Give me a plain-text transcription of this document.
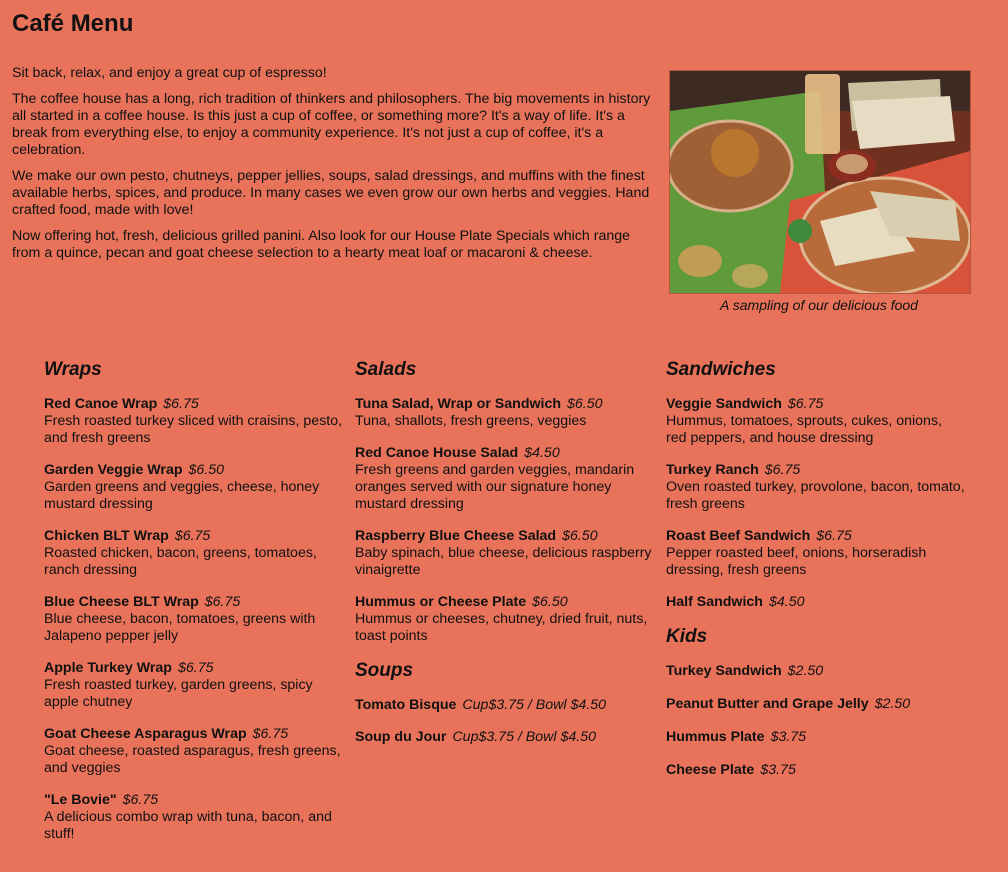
Café Menu

Sit back, relax, and enjoy a great cup of espresso!

The coffee house has a long, rich tradition of thinkers and philosophers. The big movements in history all started in a coffee house. Is this just a cup of coffee, or something more? It's a way of life. It's a break from everything else, to enjoy a community experience. It's not just a cup of coffee, it's a celebration.

We make our own pesto, chutneys, pepper jellies, soups, salad dressings, and muffins with the finest available herbs, spices, and produce. In many cases we even grow our own herbs and veggies. Hand crafted food, made with love!

Now offering hot, fresh, delicious grilled panini. Also look for our House Plate Specials which range from a quince, pecan and goat cheese selection to a hearty meat loaf or macaroni & cheese.

A sampling of our delicious food
Wraps
Red Canoe Wrap $6.75
Fresh roasted turkey sliced with craisins, pesto, and fresh greens
Garden Veggie Wrap $6.50
Garden greens and veggies, cheese, honey mustard dressing
Chicken BLT Wrap $6.75
Roasted chicken, bacon, greens, tomatoes, ranch dressing
Blue Cheese BLT Wrap $6.75
Blue cheese, bacon, tomatoes, greens with Jalapeno pepper jelly
Apple Turkey Wrap $6.75
Fresh roasted turkey, garden greens, spicy apple chutney
Goat Cheese Asparagus Wrap $6.75
Goat cheese, roasted asparagus, fresh greens, and veggies
"Le Bovie" $6.75
A delicious combo wrap with tuna, bacon, and stuff!
Salads
Tuna Salad, Wrap or Sandwich $6.50
Tuna, shallots, fresh greens, veggies
Red Canoe House Salad $4.50
Fresh greens and garden veggies, mandarin oranges served with our signature honey mustard dressing
Raspberry Blue Cheese Salad $6.50
Baby spinach, blue cheese, delicious raspberry vinaigrette
Hummus or Cheese Plate $6.50
Hummus or cheeses, chutney, dried fruit, nuts, toast points
Soups
Tomato Bisque Cup$3.75 / Bowl $4.50
Soup du Jour Cup$3.75 / Bowl $4.50
Sandwiches
Veggie Sandwich $6.75
Hummus, tomatoes, sprouts, cukes, onions, red peppers, and house dressing
Turkey Ranch $6.75
Oven roasted turkey, provolone, bacon, tomato, fresh greens
Roast Beef Sandwich $6.75
Pepper roasted beef, onions, horseradish dressing, fresh greens
Half Sandwich $4.50
Kids
Turkey Sandwich $2.50
Peanut Butter and Grape Jelly $2.50
Hummus Plate $3.75
Cheese Plate $3.75
